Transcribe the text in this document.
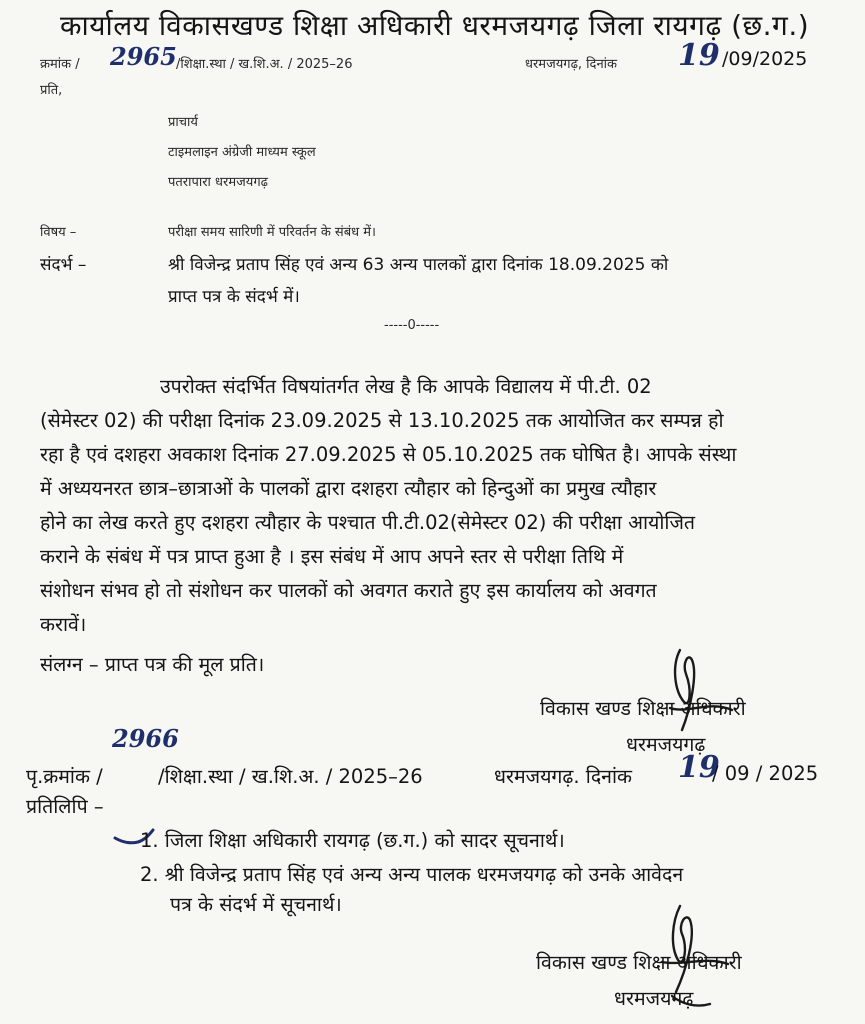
कार्यालय विकासखण्ड शिक्षा अधिकारी धरमजयगढ़ जिला रायगढ़ (छ.ग.)
क्रमांक / 2965 /शिक्षा.स्था / ख.शि.अ. / 2025–26	धरमजयगढ़, दिनांक 19 /09/2025
प्रति,
प्राचार्य
टाइमलाइन अंग्रेजी माध्यम स्कूल
पतरापारा धरमजयगढ़
विषय –	परीक्षा समय सारिणी में परिवर्तन के संबंध में।
संदर्भ –	श्री विजेन्द्र प्रताप सिंह एवं अन्य 63 अन्य पालकों द्वारा दिनांक 18.09.2025 को
प्राप्त पत्र के संदर्भ में।
-----0-----
उपरोक्त संदर्भित विषयांतर्गत लेख है कि आपके विद्यालय में पी.टी. 02
(सेमेस्टर 02) की परीक्षा दिनांक 23.09.2025 से 13.10.2025 तक आयोजित कर सम्पन्न हो
रहा है एवं दशहरा अवकाश दिनांक 27.09.2025 से 05.10.2025 तक घोषित है। आपके संस्था
में अध्ययनरत छात्र–छात्राओं के पालकों द्वारा दशहरा त्यौहार को हिन्दुओं का प्रमुख त्यौहार
होने का लेख करते हुए दशहरा त्यौहार के पश्चात पी.टी.02(सेमेस्टर 02) की परीक्षा आयोजित
कराने के संबंध में पत्र प्राप्त हुआ है । इस संबंध में आप अपने स्तर से परीक्षा तिथि में
संशोधन संभव हो तो संशोधन कर पालकों को अवगत कराते हुए इस कार्यालय को अवगत
करावें।
संलग्न – प्राप्त पत्र की मूल प्रति।
विकास खण्ड शिक्षा अधिकारी
धरमजयगढ़
2966
पृ.क्रमांक /	/शिक्षा.स्था / ख.शि.अ. / 2025–26	धरमजयगढ़. दिनांक 19
/ 09 / 2025
प्रतिलिपि –
1. जिला शिक्षा अधिकारी रायगढ़ (छ.ग.) को सादर सूचनार्थ।
2. श्री विजेन्द्र प्रताप सिंह एवं अन्य अन्य पालक धरमजयगढ़ को उनके आवेदन
पत्र के संदर्भ में सूचनार्थ।
विकास खण्ड शिक्षा अधिकारी
धरमजयगढ़
